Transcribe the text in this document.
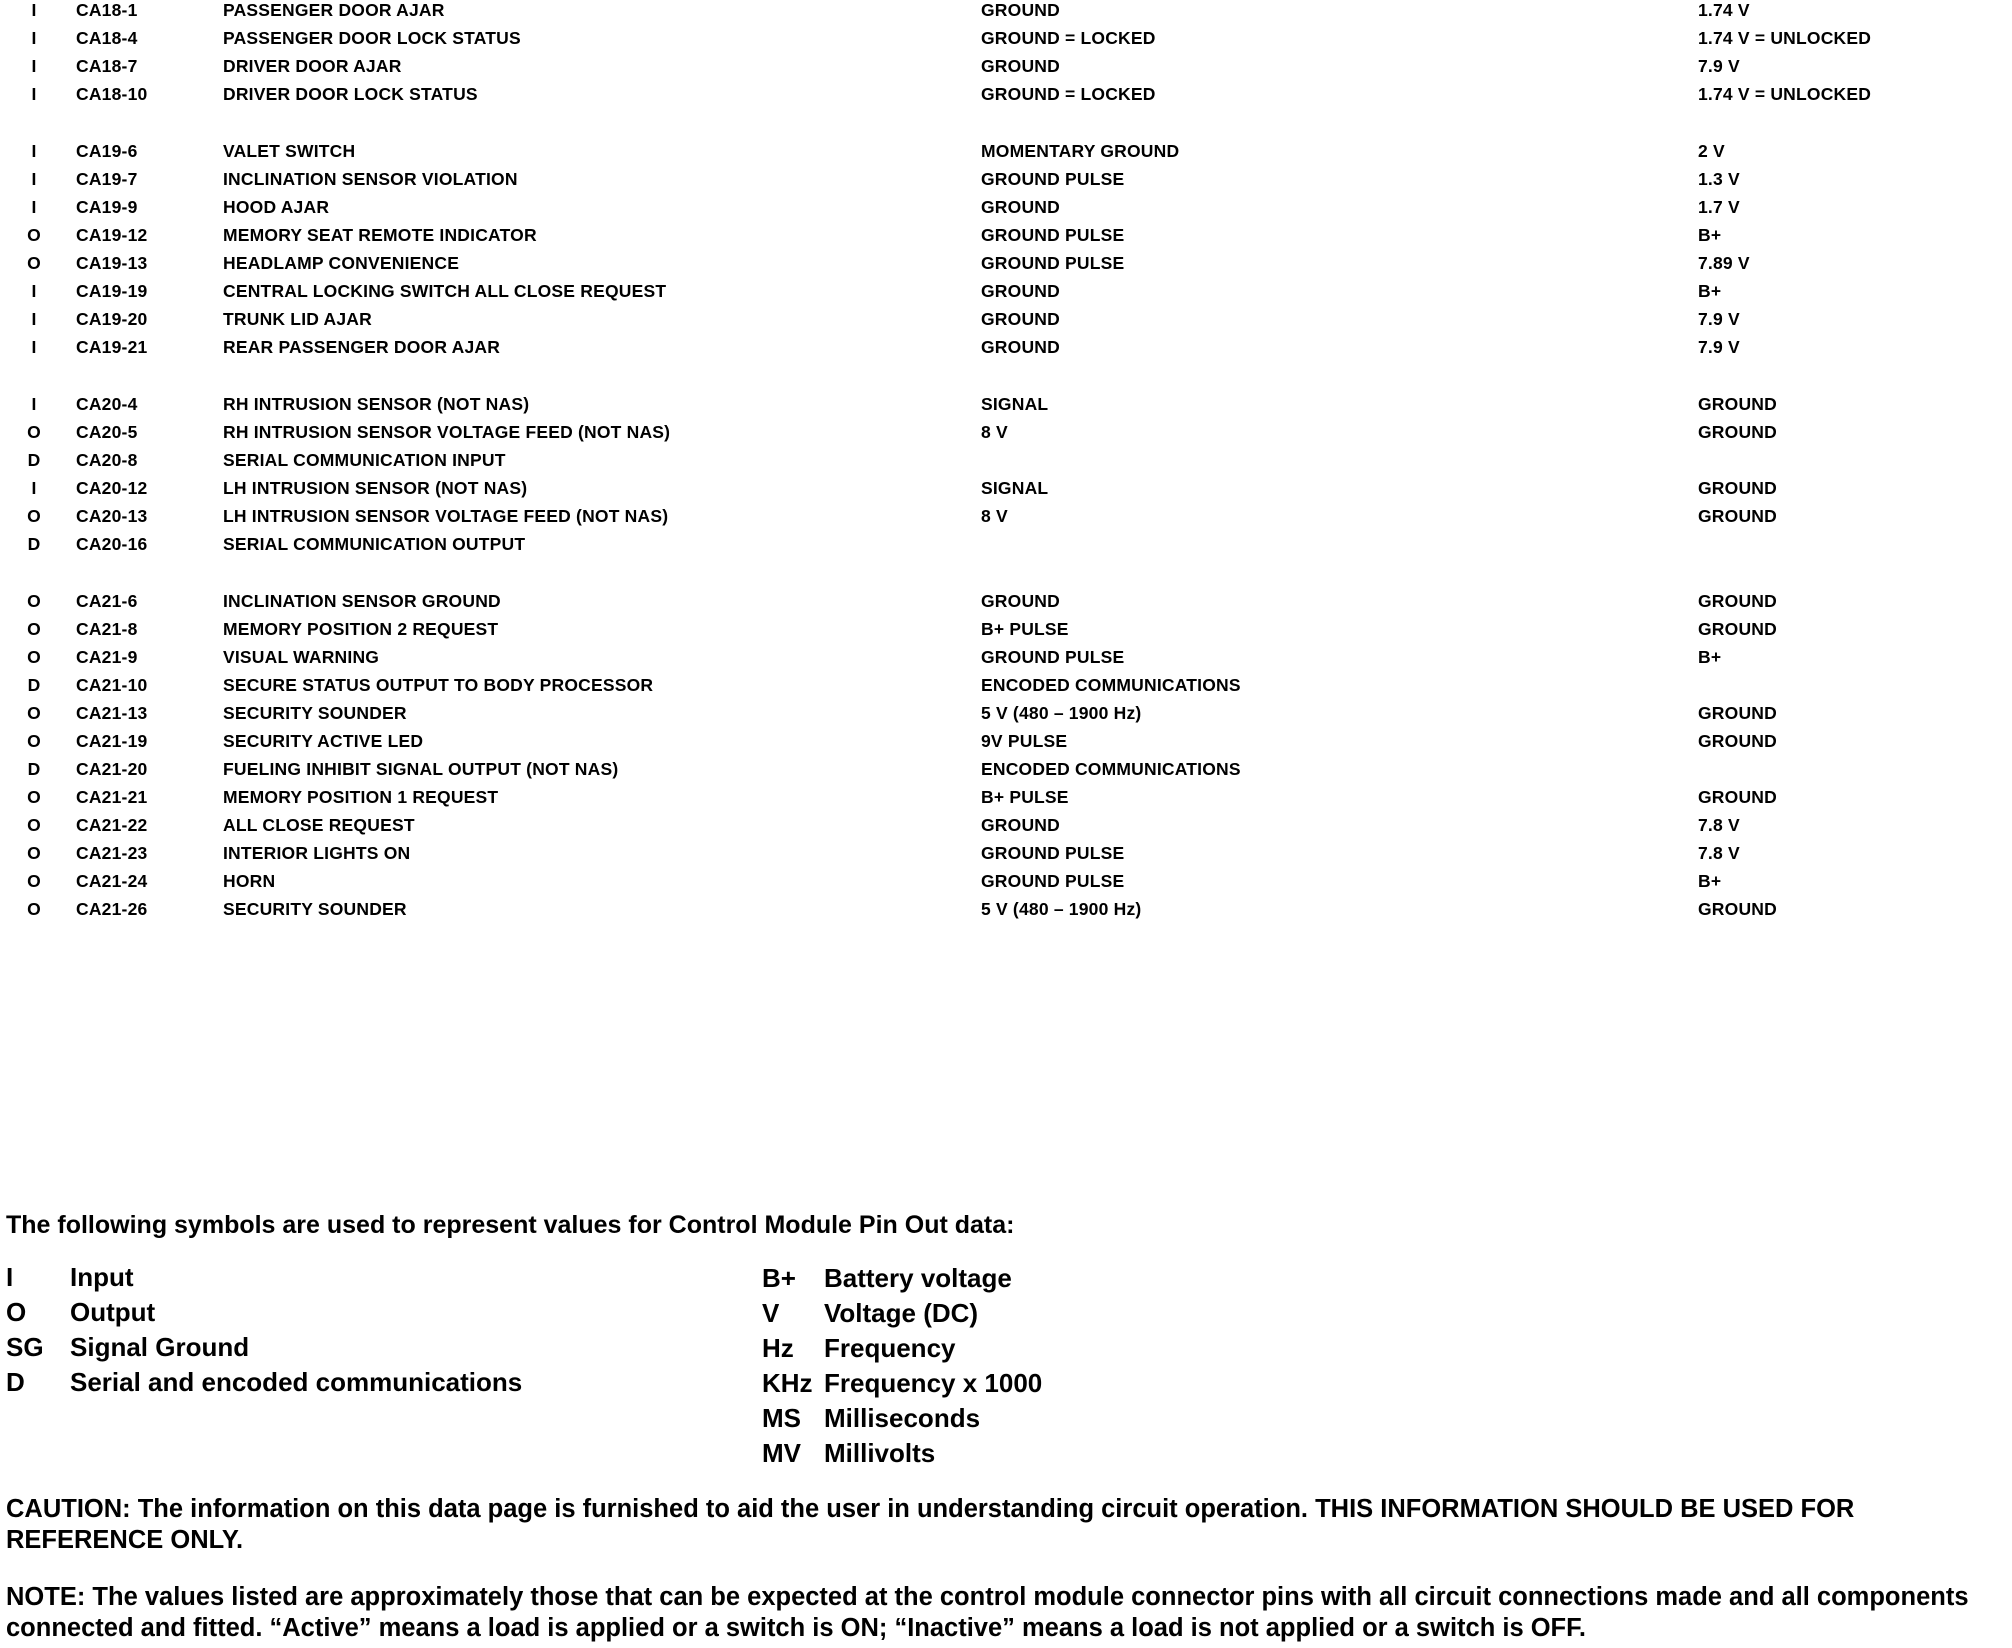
I	CA18-1	PASSENGER DOOR AJAR	GROUND	1.74 V
I	CA18-4	PASSENGER DOOR LOCK STATUS	GROUND = LOCKED	1.74 V = UNLOCKED
I	CA18-7	DRIVER DOOR AJAR	GROUND	7.9 V
I	CA18-10	DRIVER DOOR LOCK STATUS	GROUND = LOCKED	1.74 V = UNLOCKED
I	CA19-6	VALET SWITCH	MOMENTARY GROUND	2 V
I	CA19-7	INCLINATION SENSOR VIOLATION	GROUND PULSE	1.3 V
I	CA19-9	HOOD AJAR	GROUND	1.7 V
O CA19-12	MEMORY SEAT REMOTE INDICATOR	GROUND PULSE	B+
O CA19-13	HEADLAMP CONVENIENCE	GROUND PULSE	7.89 V
I	CA19-19	CENTRAL LOCKING SWITCH ALL CLOSE REQUEST	GROUND	B+
I	CA19-20	TRUNK LID AJAR	GROUND	7.9 V
I	CA19-21	REAR PASSENGER DOOR AJAR	GROUND	7.9 V
I	CA20-4	RH INTRUSION SENSOR (NOT NAS)	SIGNAL	GROUND
O CA20-5	RH INTRUSION SENSOR VOLTAGE FEED (NOT NAS)	8 V	GROUND
D CA20-8	SERIAL COMMUNICATION INPUT
I	CA20-12	LH INTRUSION SENSOR (NOT NAS)	SIGNAL	GROUND
O CA20-13	LH INTRUSION SENSOR VOLTAGE FEED (NOT NAS)	8 V	GROUND
D CA20-16	SERIAL COMMUNICATION OUTPUT
O CA21-6	INCLINATION SENSOR GROUND	GROUND	GROUND
O CA21-8	MEMORY POSITION 2 REQUEST	B+ PULSE	GROUND
O CA21-9	VISUAL WARNING	GROUND PULSE	B+
D CA21-10	SECURE STATUS OUTPUT TO BODY PROCESSOR	ENCODED COMMUNICATIONS
O CA21-13	SECURITY SOUNDER	5 V (480 – 1900 Hz)	GROUND
O CA21-19	SECURITY ACTIVE LED	9V PULSE	GROUND
D CA21-20	FUELING INHIBIT SIGNAL OUTPUT (NOT NAS)	ENCODED COMMUNICATIONS
O CA21-21	MEMORY POSITION 1 REQUEST	B+ PULSE	GROUND
O CA21-22	ALL CLOSE REQUEST	GROUND	7.8 V
O CA21-23	INTERIOR LIGHTS ON	GROUND PULSE	7.8 V
O CA21-24	HORN	GROUND PULSE	B+
O CA21-26	SECURITY SOUNDER	5 V (480 – 1900 Hz)	GROUND
The following symbols are used to represent values for Control Module Pin Out data:
I Input
O Output
SG Signal Ground
D Serial and encoded communications
B+ Battery voltage
V Voltage (DC)
Hz Frequency
KHz Frequency x 1000
MS Milliseconds
MV Millivolts
CAUTION: The information on this data page is furnished to aid the user in understanding circuit operation. THIS INFORMATION SHOULD BE USED FOR REFERENCE ONLY.
NOTE: The values listed are approximately those that can be expected at the control module connector pins with all circuit connections made and all components connected and fitted. “Active” means a load is applied or a switch is ON; “Inactive” means a load is not applied or a switch is OFF.
